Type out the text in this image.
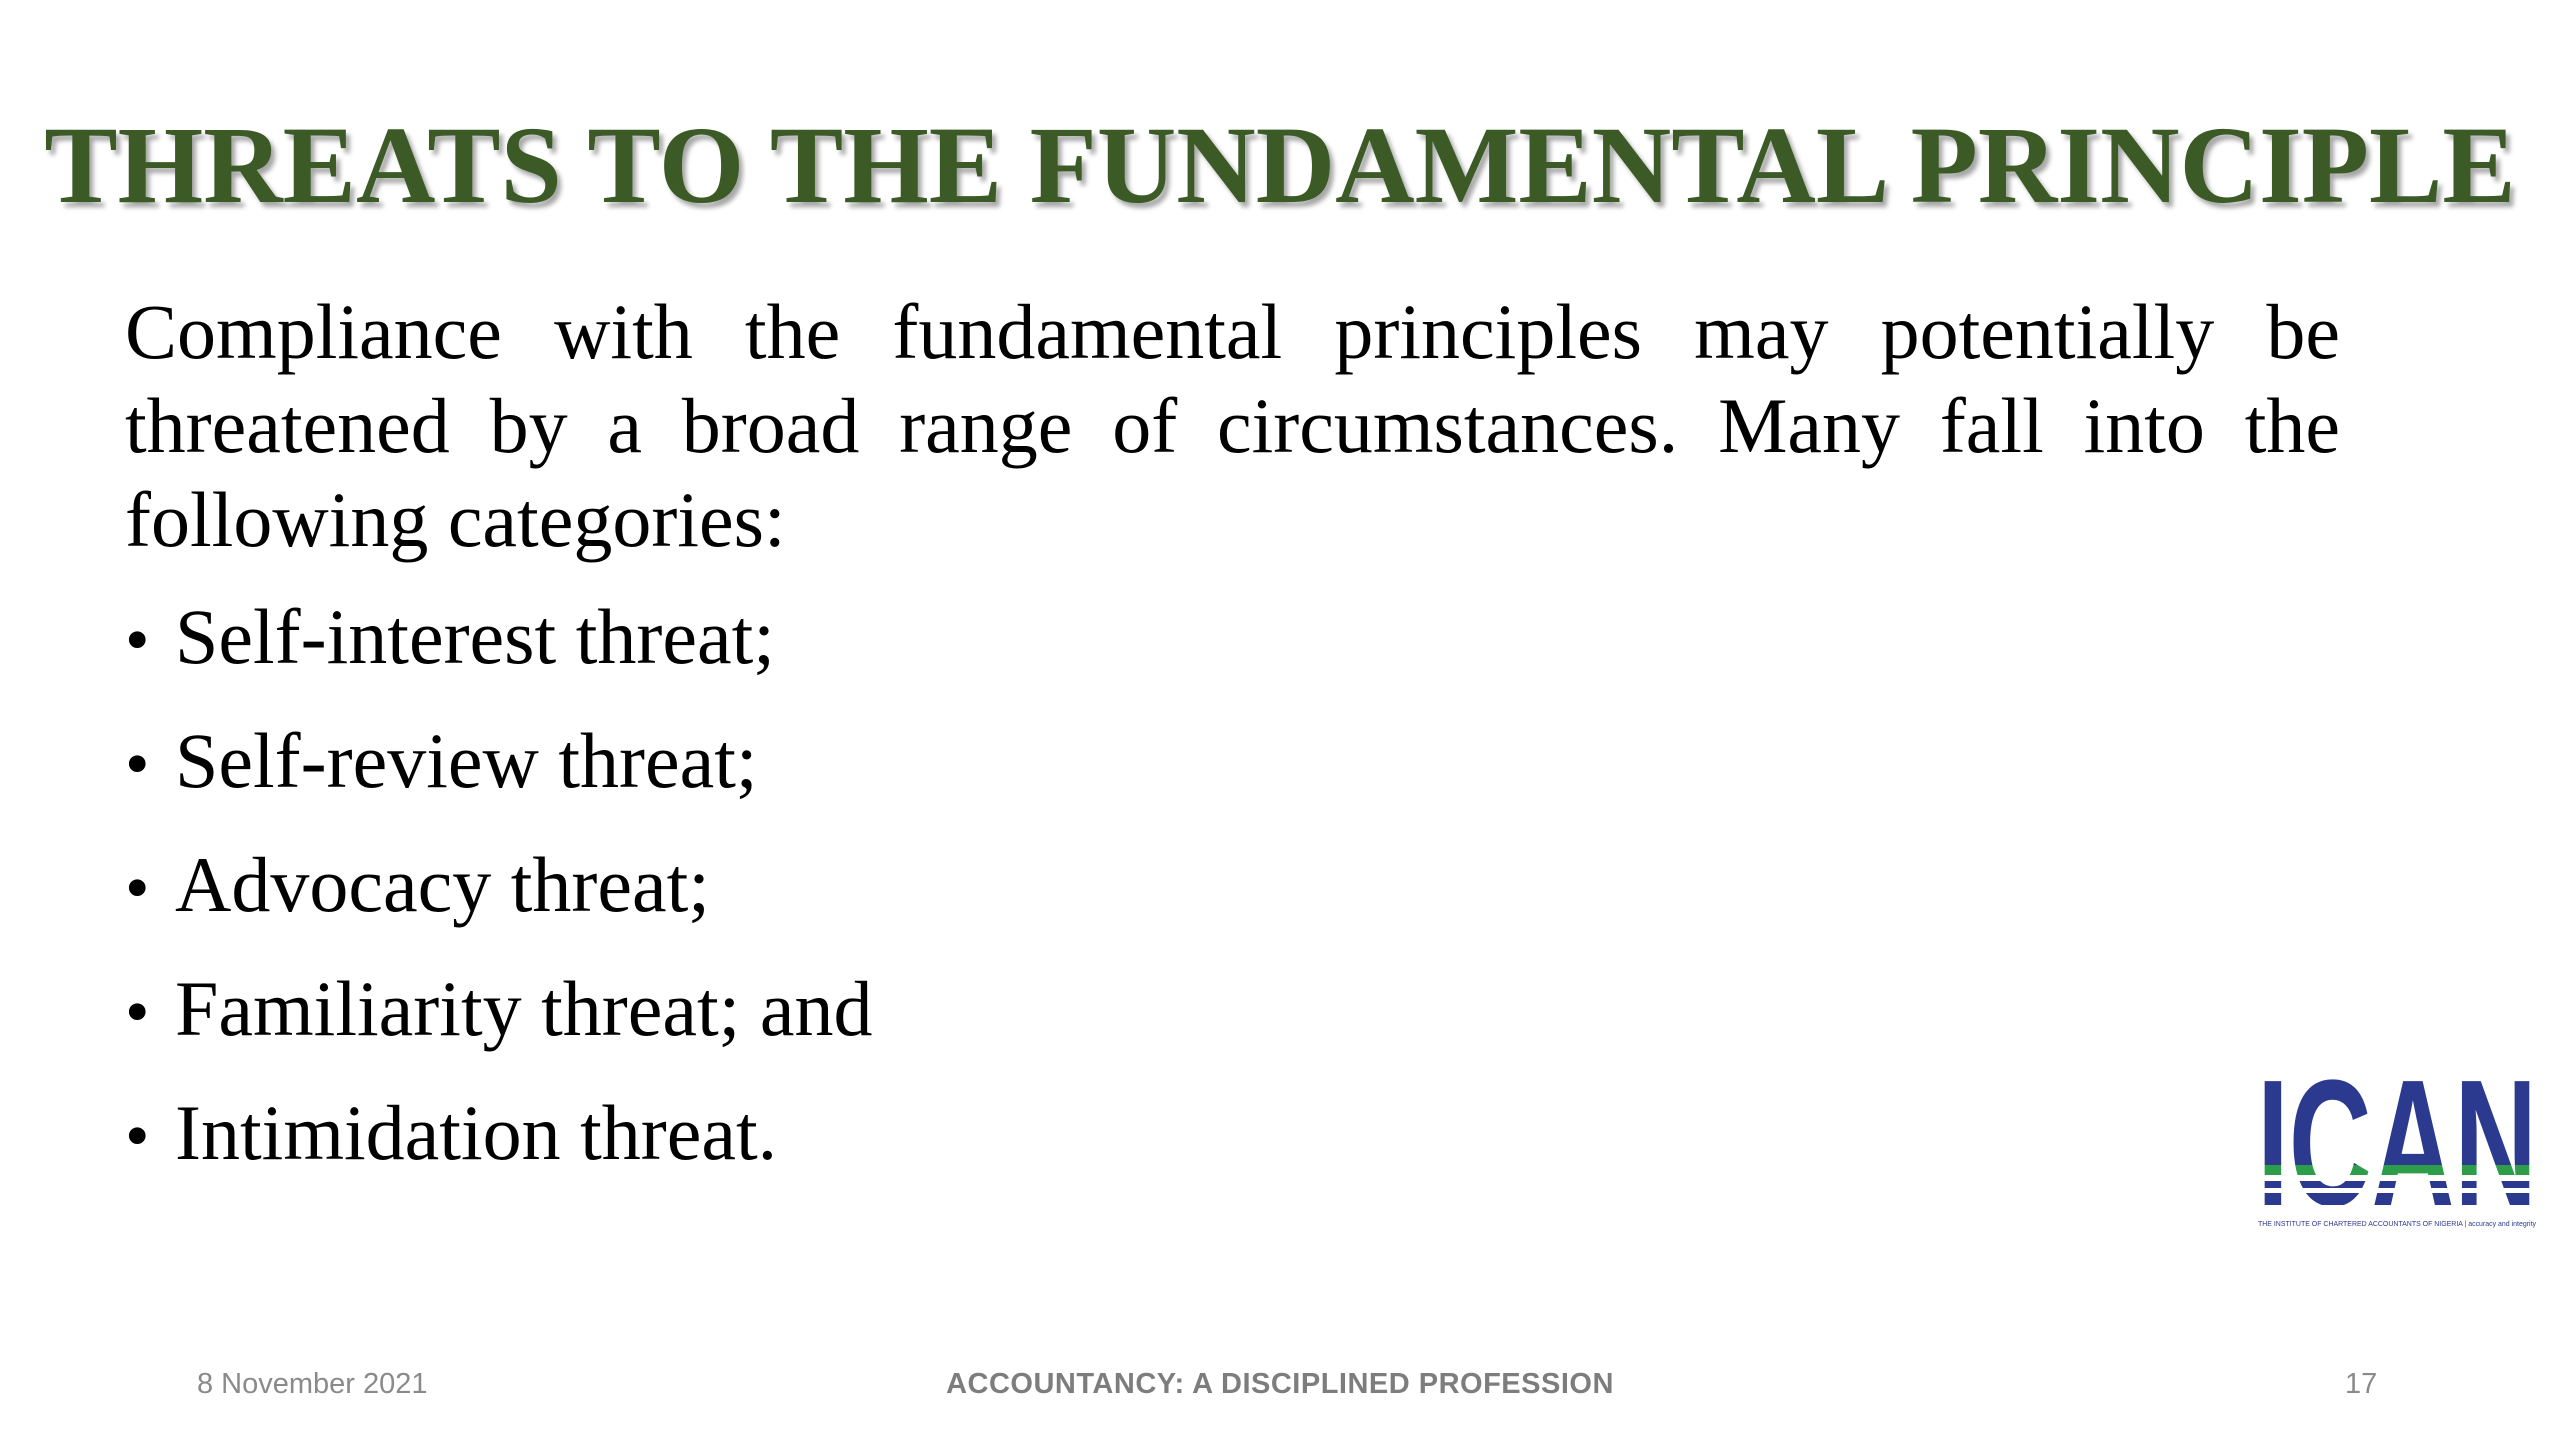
THREATS TO THE FUNDAMENTAL PRINCIPLE

Compliance with the fundamental principles may potentially be threatened by a broad range of circumstances. Many fall into the following categories:

• Self-interest threat;
• Self-review threat;
• Advocacy threat;
• Familiarity threat; and
• Intimidation threat.
THE INSTITUTE OF CHARTERED ACCOUNTANTS OF NIGERIA | accuracy and integrity
8 November 2021	ACCOUNTANCY: A DISCIPLINED PROFESSION	17
